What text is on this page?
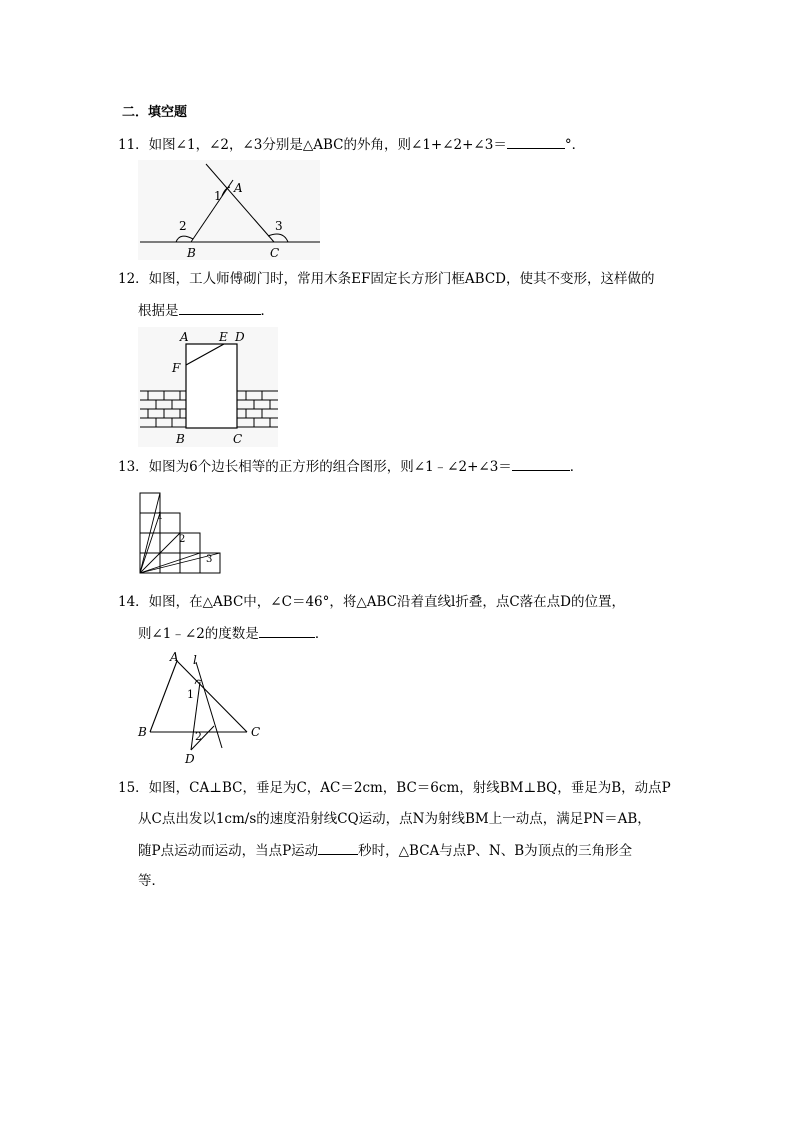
二．填空题
11．如图∠1，∠2，∠3分别是△ABC的外角，则∠1+∠2+∠3＝	°．
1
A
2	3
B	C
12．如图，工人师傅砌门时，常用木条EF固定长方形门框ABCD，使其不变形，这样做的
根据是	．
A	E D
F
B	C
13．如图为6个边长相等的正方形的组合图形，则∠1﹣∠2+∠3＝	．
1
2
3
14．如图，在△ABC中，∠C＝46°，将△ABC沿着直线l折叠，点C落在点D的位置，
则∠1﹣∠2的度数是	．
A l
1
2
B	C
D
15．如图，CA⊥BC，垂足为C，AC＝2cm，BC＝6cm，射线BM⊥BQ，垂足为B，动点P
从C点出发以1cm/s的速度沿射线CQ运动，点N为射线BM上一动点，满足PN＝AB，
随P点运动而运动，当点P运动	秒时，△BCA与点P、N、B为顶点的三角形全
等．
